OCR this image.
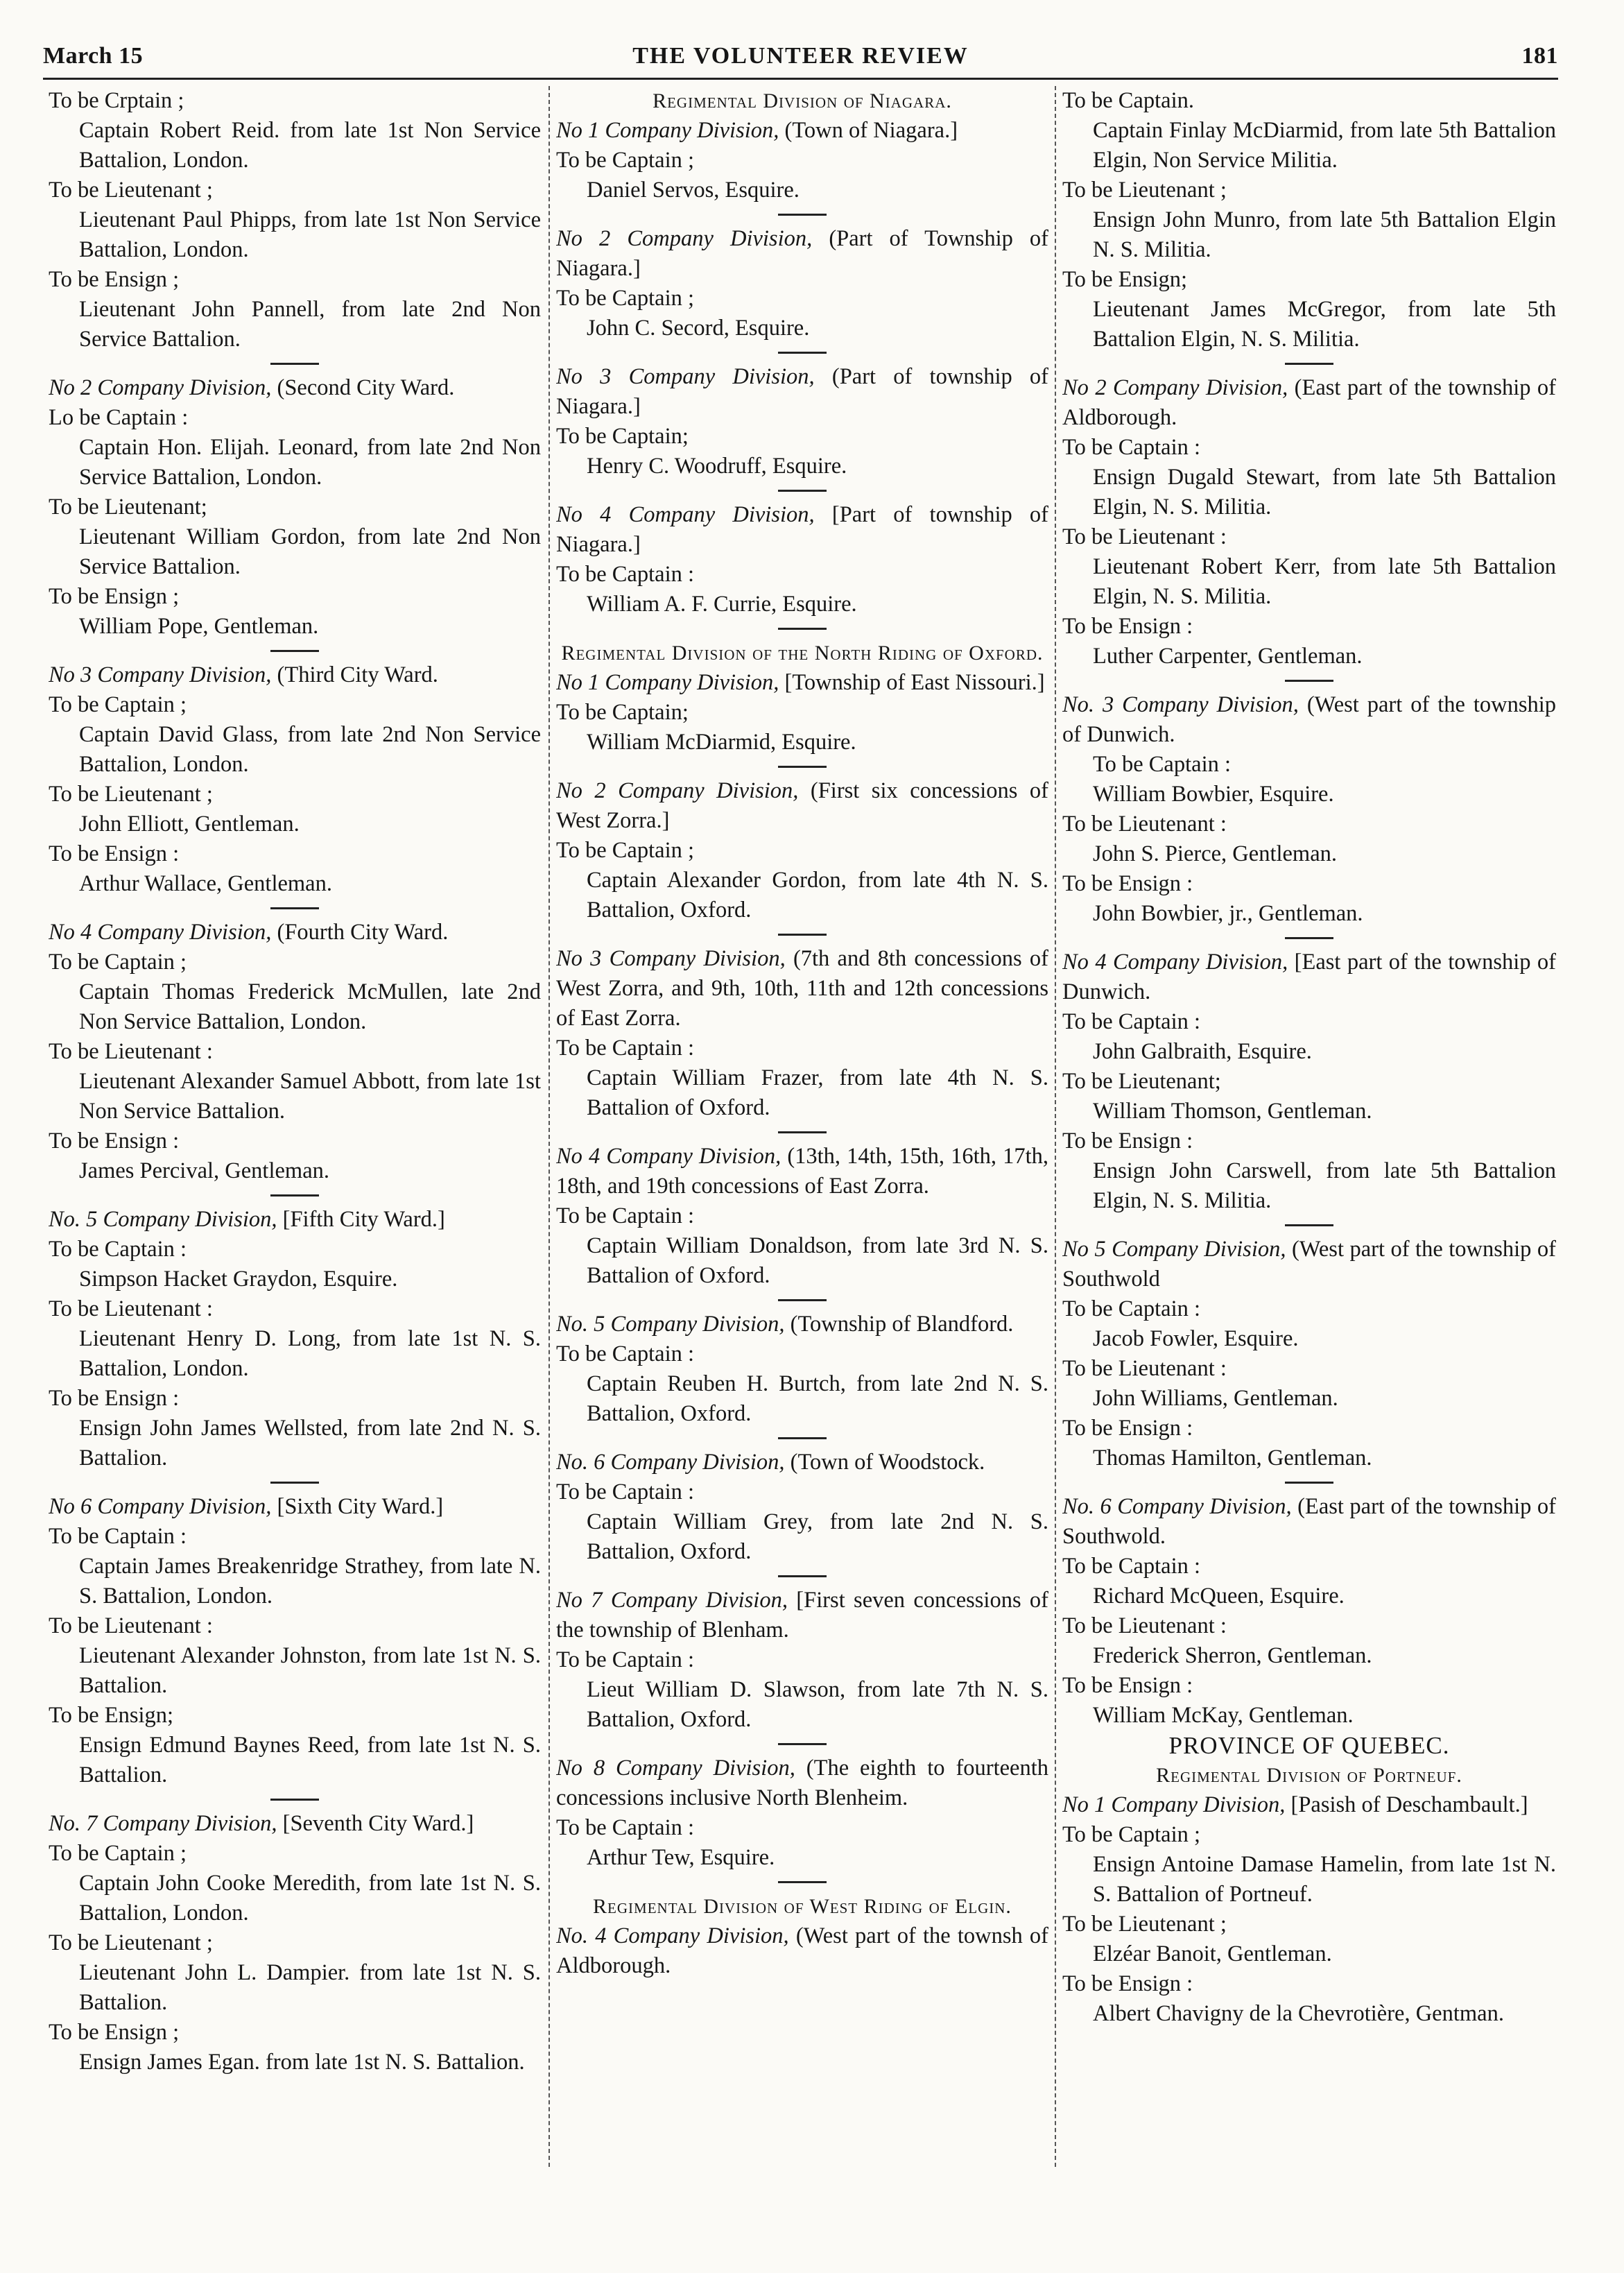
March 15	THE VOLUNTEER REVIEW	181
To be Crptain ;
Captain Robert Reid. from late 1st Non Service Battalion, London.
To be Lieutenant ;
Lieutenant Paul Phipps, from late 1st Non Service Battalion, London.
To be Ensign ;
Lieutenant John Pannell, from late 2nd Non Service Battalion.
No 2 Company Division, (Second City Ward.
Lo be Captain :
Captain Hon. Elijah. Leonard, from late 2nd Non Service Battalion, London.
To be Lieutenant;
Lieutenant William Gordon, from late 2nd Non Service Battalion.
To be Ensign ;
William Pope, Gentleman.
No 3 Company Division, (Third City Ward.
To be Captain ;
Captain David Glass, from late 2nd Non Service Battalion, London.
To be Lieutenant ;
John Elliott, Gentleman.
To be Ensign :
Arthur Wallace, Gentleman.
No 4 Company Division, (Fourth City Ward.
To be Captain ;
Captain Thomas Frederick McMullen, late 2nd Non Service Battalion, London.
To be Lieutenant :
Lieutenant Alexander Samuel Abbott, from late 1st Non Service Battalion.
To be Ensign :
James Percival, Gentleman.
No. 5 Company Division, [Fifth City Ward.]
To be Captain :
Simpson Hacket Graydon, Esquire.
To be Lieutenant :
Lieutenant Henry D. Long, from late 1st N. S. Battalion, London.
To be Ensign :
Ensign John James Wellsted, from late 2nd N. S. Battalion.
No 6 Company Division, [Sixth City Ward.]
To be Captain :
Captain James Breakenridge Strathey, from late N. S. Battalion, London.
To be Lieutenant :
Lieutenant Alexander Johnston, from late 1st N. S. Battalion.
To be Ensign;
Ensign Edmund Baynes Reed, from late 1st N. S. Battalion.
No. 7 Company Division, [Seventh City Ward.]
To be Captain ;
Captain John Cooke Meredith, from late 1st N. S. Battalion, London.
To be Lieutenant ;
Lieutenant John L. Dampier. from late 1st N. S. Battalion.
To be Ensign ;
Ensign James Egan. from late 1st N. S. Battalion.
Regimental Division of Niagara.
No 1 Company Division, (Town of Niagara.]
To be Captain ;
Daniel Servos, Esquire.
No 2 Company Division, (Part of Township of Niagara.]
To be Captain ;
John C. Secord, Esquire.
No 3 Company Division, (Part of township of Niagara.]
To be Captain;
Henry C. Woodruff, Esquire.
No 4 Company Division, [Part of township of Niagara.]
To be Captain :
William A. F. Currie, Esquire.
Regimental Division of the North Riding of Oxford.
No 1 Company Division, [Township of East Nissouri.]
To be Captain;
William McDiarmid, Esquire.
No 2 Company Division, (First six concessions of West Zorra.]
To be Captain ;
Captain Alexander Gordon, from late 4th N. S. Battalion, Oxford.
No 3 Company Division, (7th and 8th concessions of West Zorra, and 9th, 10th, 11th and 12th concessions of East Zorra.
To be Captain :
Captain William Frazer, from late 4th N. S. Battalion of Oxford.
No 4 Company Division, (13th, 14th, 15th, 16th, 17th, 18th, and 19th concessions of East Zorra.
To be Captain :
Captain William Donaldson, from late 3rd N. S. Battalion of Oxford.
No. 5 Company Division, (Township of Blandford.
To be Captain :
Captain Reuben H. Burtch, from late 2nd N. S. Battalion, Oxford.
No. 6 Company Division, (Town of Woodstock.
To be Captain :
Captain William Grey, from late 2nd N. S. Battalion, Oxford.
No 7 Company Division, [First seven concessions of the township of Blenham.
To be Captain :
Lieut William D. Slawson, from late 7th N. S. Battalion, Oxford.
No 8 Company Division, (The eighth to fourteenth concessions inclusive North Blenheim.
To be Captain :
Arthur Tew, Esquire.
Regimental Division of West Riding of Elgin.
No. 4 Company Division, (West part of the townsh of Aldborough.
To be Captain.
Captain Finlay McDiarmid, from late 5th Battalion Elgin, Non Service Militia.
To be Lieutenant ;
Ensign John Munro, from late 5th Battalion Elgin N. S. Militia.
To be Ensign;
Lieutenant James McGregor, from late 5th Battalion Elgin, N. S. Militia.
No 2 Company Division, (East part of the township of Aldborough.
To be Captain :
Ensign Dugald Stewart, from late 5th Battalion Elgin, N. S. Militia.
To be Lieutenant :
Lieutenant Robert Kerr, from late 5th Battalion Elgin, N. S. Militia.
To be Ensign :
Luther Carpenter, Gentleman.
No. 3 Company Division, (West part of the township of Dunwich.
To be Captain :
William Bowbier, Esquire.
To be Lieutenant :
John S. Pierce, Gentleman.
To be Ensign :
John Bowbier, jr., Gentleman.
No 4 Company Division, [East part of the township of Dunwich.
To be Captain :
John Galbraith, Esquire.
To be Lieutenant;
William Thomson, Gentleman.
To be Ensign :
Ensign John Carswell, from late 5th Battalion Elgin, N. S. Militia.
No 5 Company Division, (West part of the township of Southwold
To be Captain :
Jacob Fowler, Esquire.
To be Lieutenant :
John Williams, Gentleman.
To be Ensign :
Thomas Hamilton, Gentleman.
No. 6 Company Division, (East part of the township of Southwold.
To be Captain :
Richard McQueen, Esquire.
To be Lieutenant :
Frederick Sherron, Gentleman.
To be Ensign :
William McKay, Gentleman.
PROVINCE OF QUEBEC.
Regimental Division of Portneuf.
No 1 Company Division, [Pasish of Deschambault.]
To be Captain ;
Ensign Antoine Damase Hamelin, from late 1st N. S. Battalion of Portneuf.
To be Lieutenant ;
Elzéar Banoit, Gentleman.
To be Ensign :
Albert Chavigny de la Chevrotière, Gentman.
